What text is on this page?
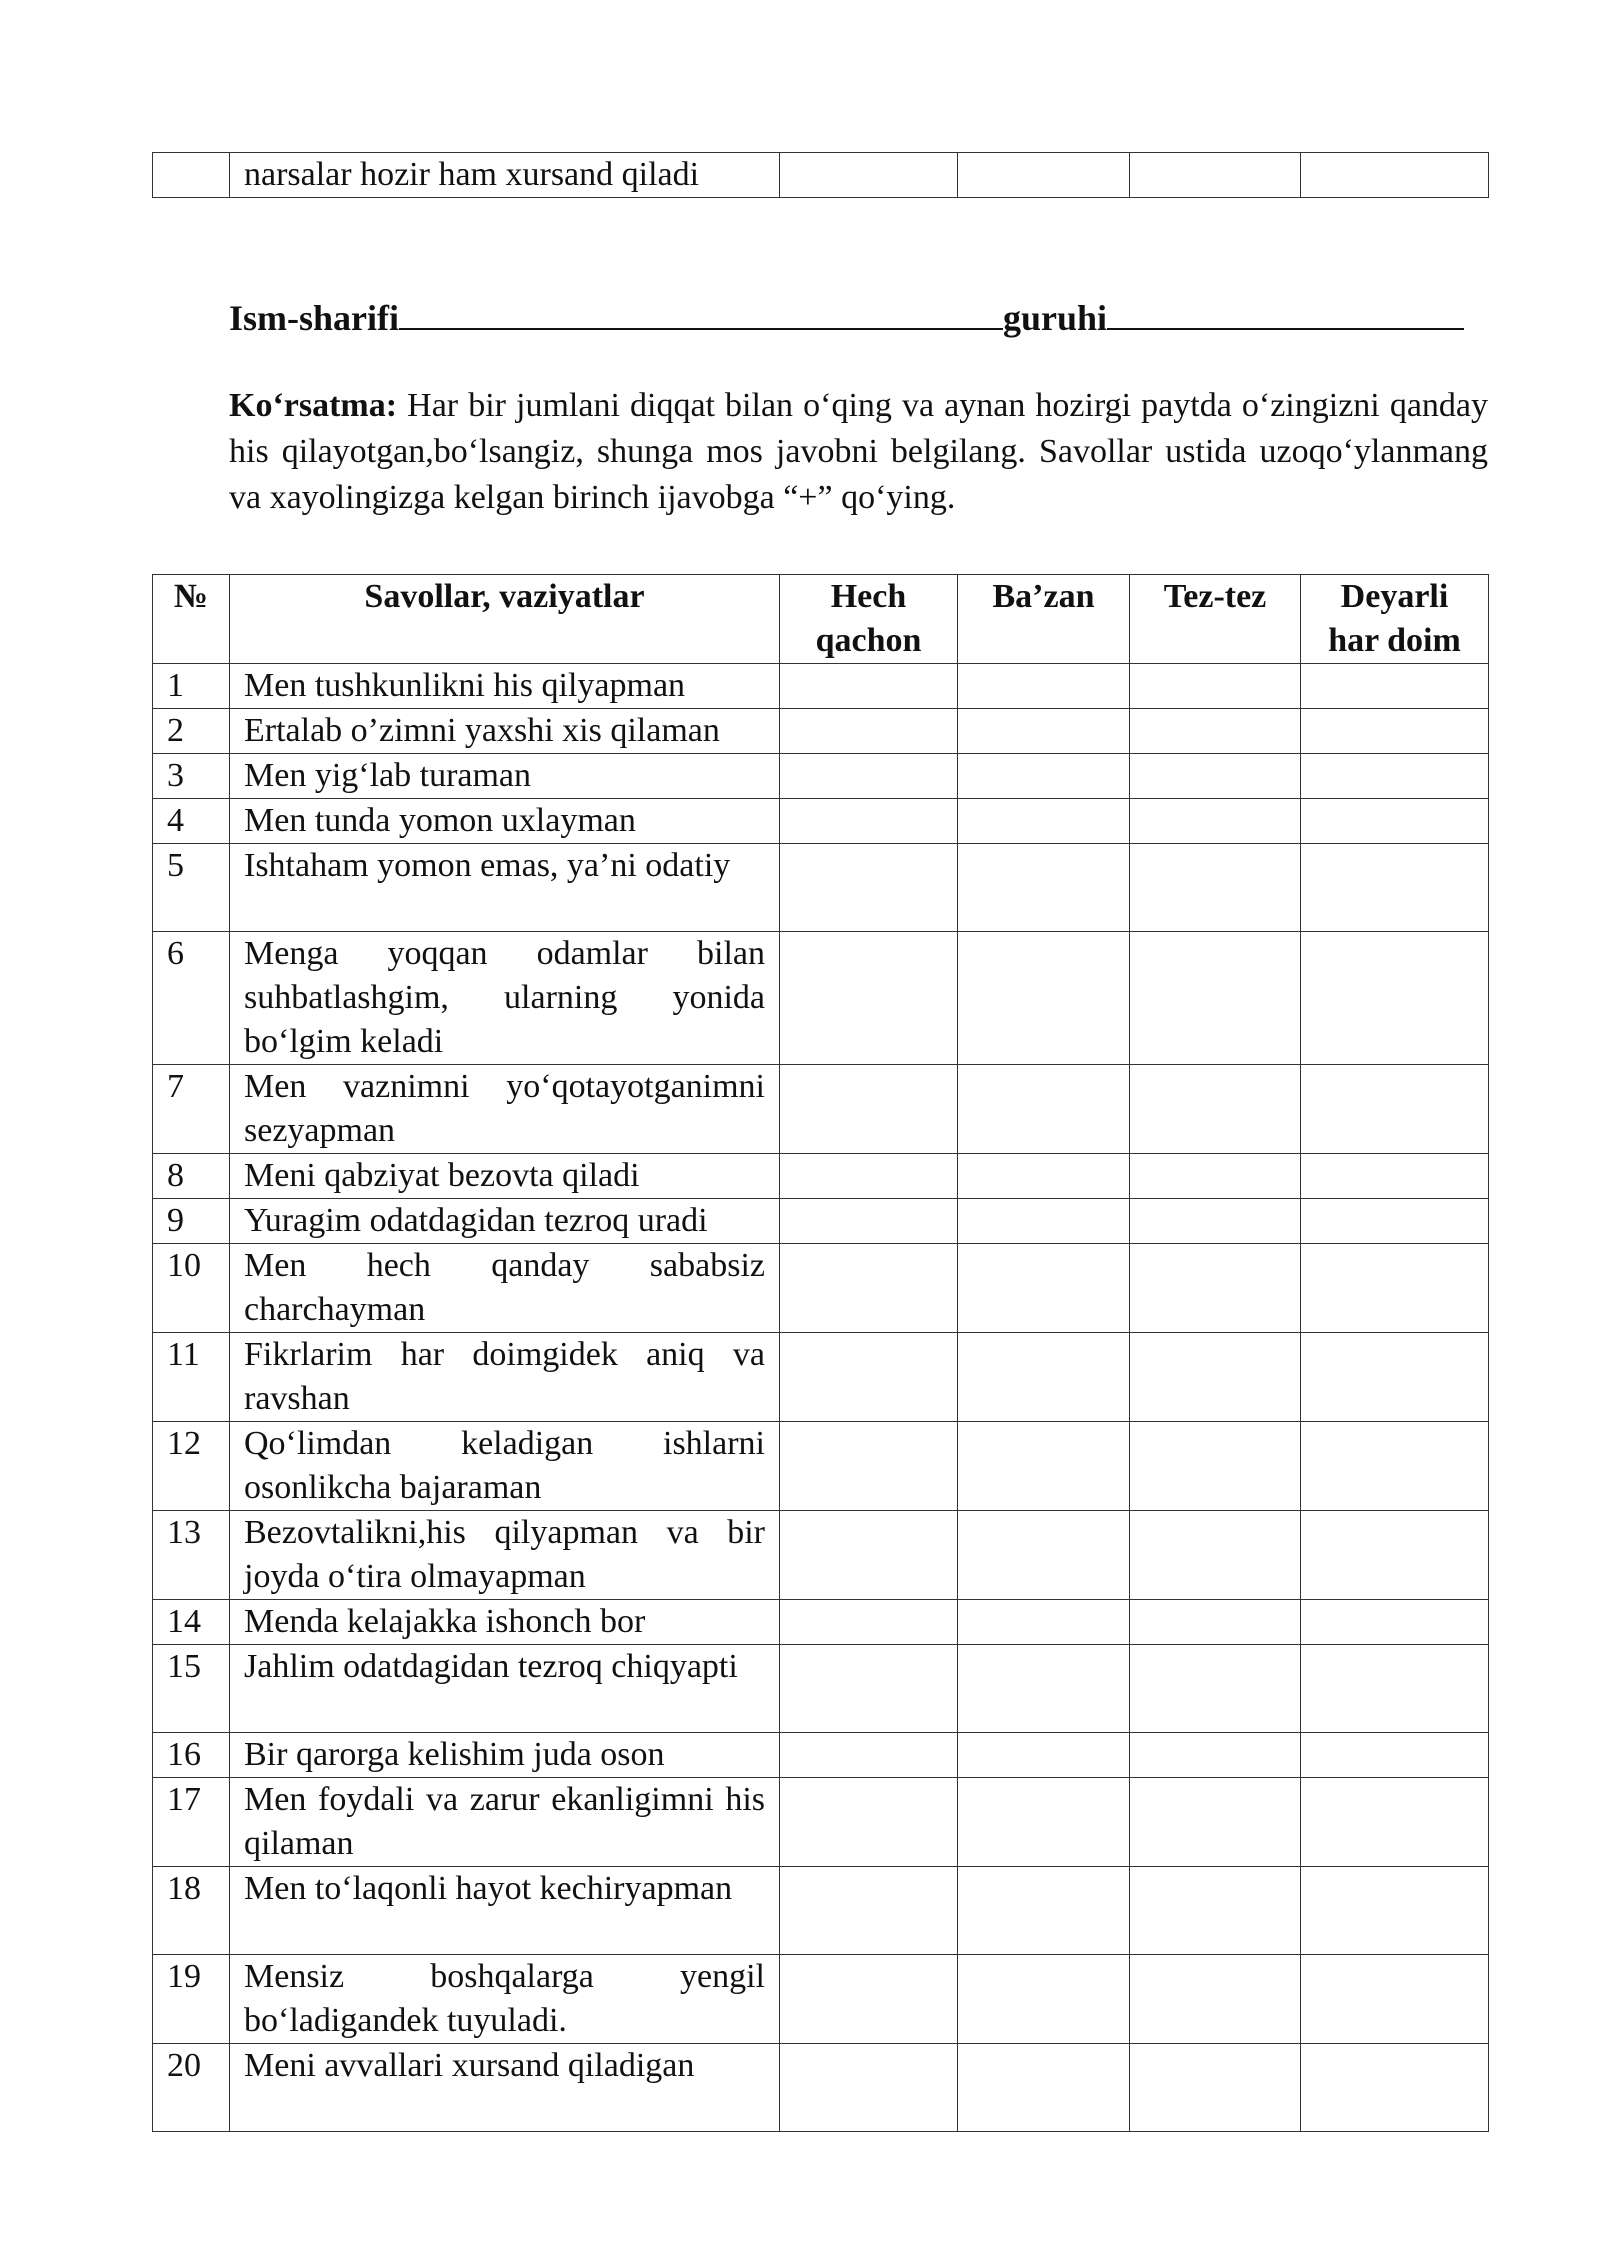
	narsalar hozir ham xursand qiladi				
Ism-sharifi	guruhi
Ko‘rsatma: Har bir jumlani diqqat bilan o‘qing va aynan hozirgi paytda o‘zingizni qanday his qilayotgan,bo‘lsangiz, shunga mos javobni belgilang. Savollar ustida uzoqo‘ylanmang va xayolingizga kelgan birinch ijavobga “+” qo‘ying.
№	Savollar, vaziyatlar	Hech qachon	Ba’zan	Tez-tez	Deyarli har doim
1	Men tushkunlikni his qilyapman				
2	Ertalab o’zimni yaxshi xis qilaman				
3	Men yig‘lab turaman				
4	Men tunda yomon uxlayman				
5	Ishtaham yomon emas, ya’ni odatiy				
6	Menga yoqqan odamlar bilan suhbatlashgim, ularning yonida bo‘lgim keladi				
7	Men vaznimni yo‘qotayotganimni sezyapman				
8	Meni qabziyat bezovta qiladi				
9	Yuragim odatdagidan tezroq uradi				
10	Men hech qanday sababsiz charchayman				
11	Fikrlarim har doimgidek aniq va ravshan				
12	Qo‘limdan keladigan ishlarni osonlikcha bajaraman				
13	Bezovtalikni,his qilyapman va bir joyda o‘tira olmayapman				
14	Menda kelajakka ishonch bor				
15	Jahlim odatdagidan tezroq chiqyapti				
16	Bir qarorga kelishim juda oson				
17	Men foydali va zarur ekanligimni his qilaman				
18	Men to‘laqonli hayot kechiryapman				
19	Mensiz boshqalarga yengil bo‘ladigandek tuyuladi.				
20	Meni avvallari xursand qiladigan				
